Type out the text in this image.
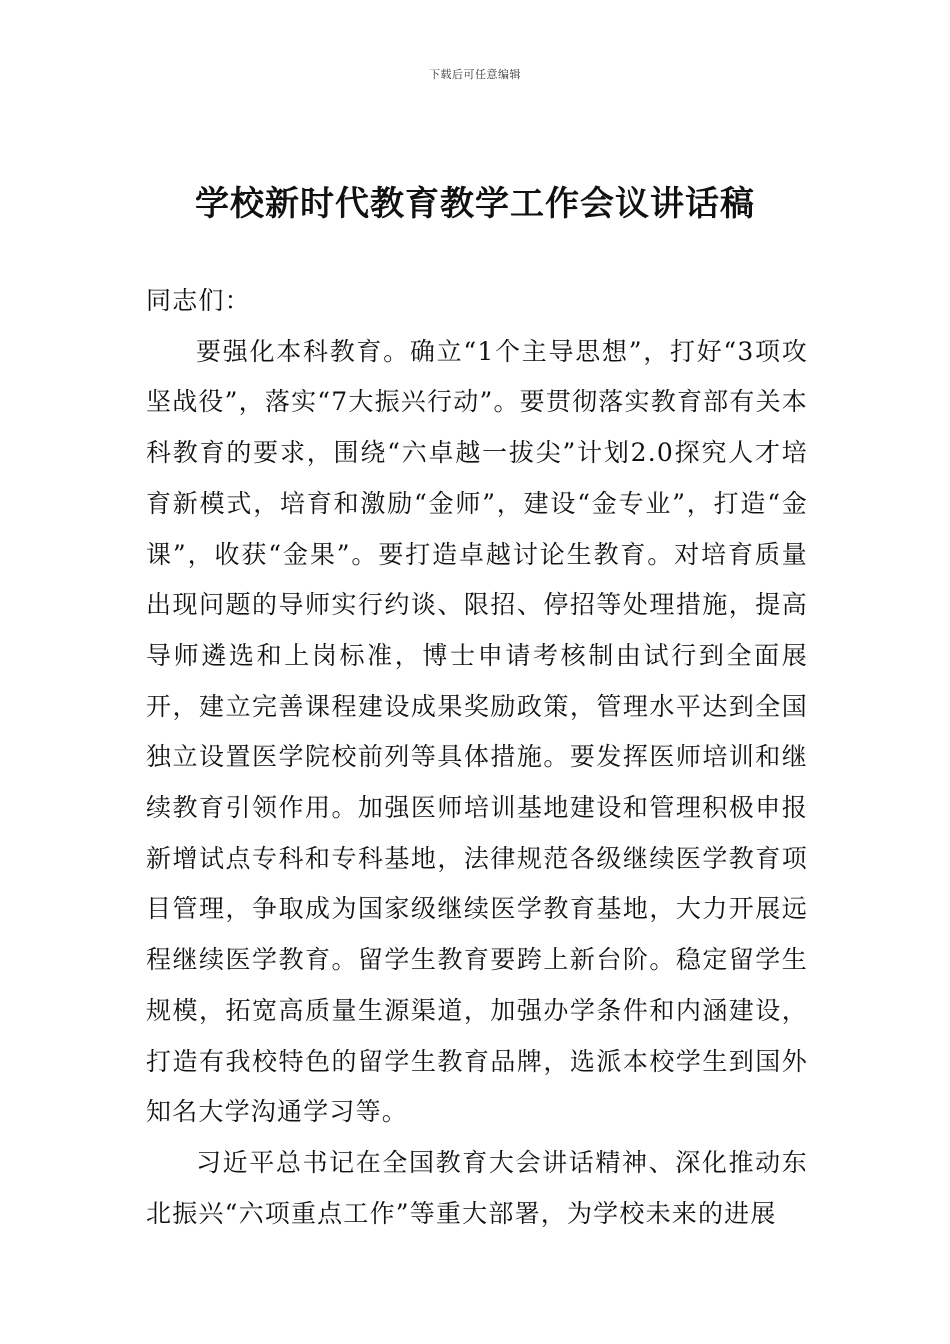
下载后可任意编辑
学校新时代教育教学工作会议讲话稿

同志们：

要强化本科教育。确立“1个主导思想”，打好“3项攻坚战役”，落实“7大振兴行动”。要贯彻落实教育部有关本科教育的要求，围绕“六卓越一拔尖”计划2.0探究人才培育新模式，培育和激励“金师”，建设“金专业”，打造“金课”，收获“金果”。要打造卓越讨论生教育。对培育质量出现问题的导师实行约谈、限招、停招等处理措施，提高导师遴选和上岗标准，博士申请考核制由试行到全面展开，建立完善课程建设成果奖励政策，管理水平达到全国独立设置医学院校前列等具体措施。要发挥医师培训和继续教育引领作用。加强医师培训基地建设和管理积极申报新增试点专科和专科基地，法律规范各级继续医学教育项目管理，争取成为国家级继续医学教育基地，大力开展远程继续医学教育。留学生教育要跨上新台阶。稳定留学生规模，拓宽高质量生源渠道，加强办学条件和内涵建设，打造有我校特色的留学生教育品牌，选派本校学生到国外知名大学沟通学习等。

习近平总书记在全国教育大会讲话精神、深化推动东北振兴“六项重点工作”等重大部署，为学校未来的进展
